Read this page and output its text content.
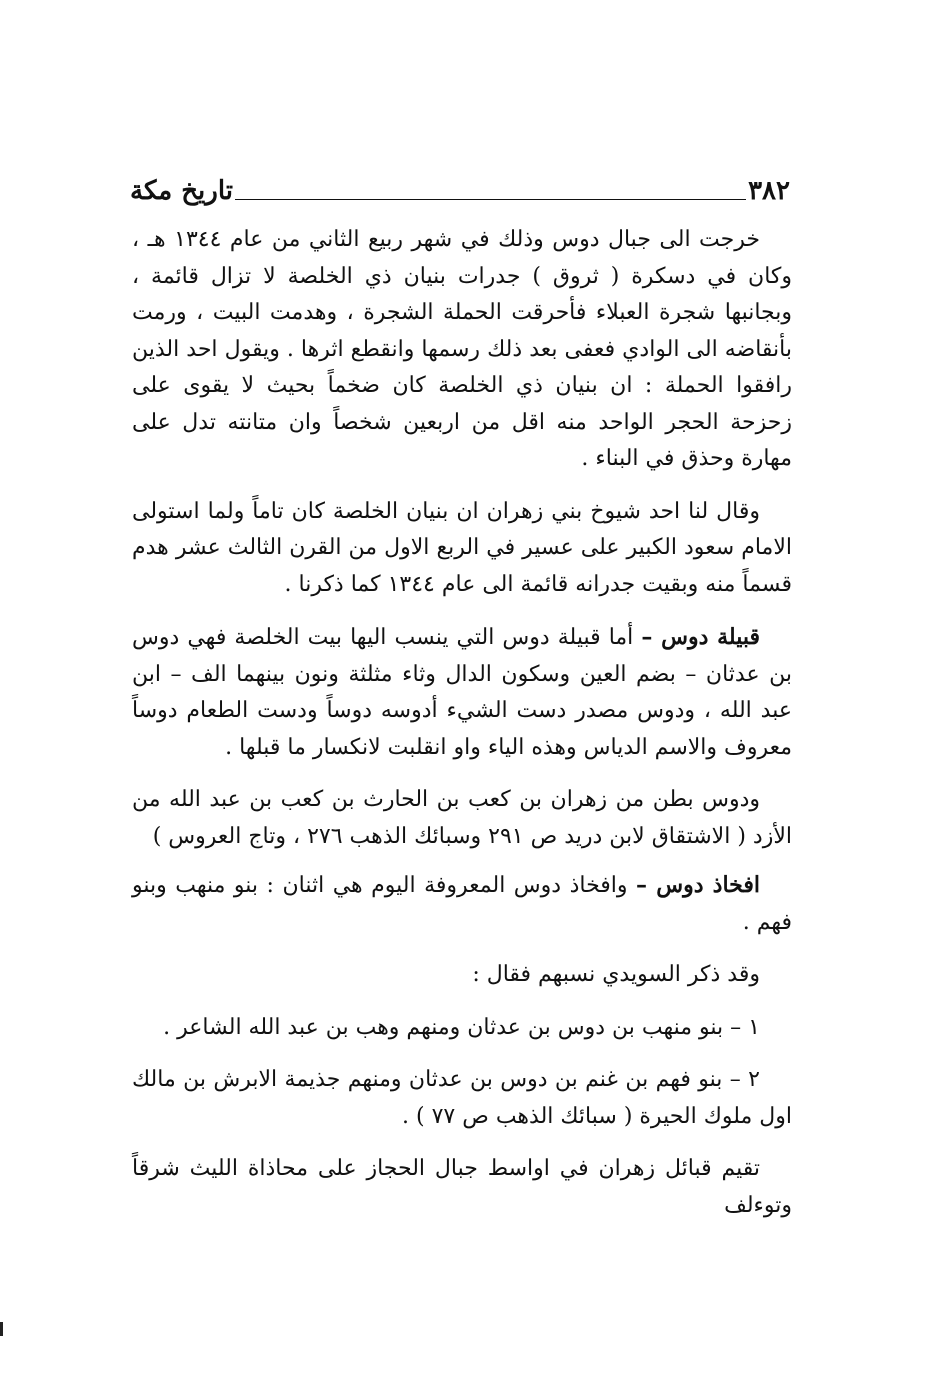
٣٨٢
تاريخ مكة

خرجت الى جبال دوس وذلك في شهر ربيع الثاني من عام ١٣٤٤ هـ ، وكان في دسكرة ( ثروق ) جدرات بنيان ذي الخلصة لا تزال قائمة ، وبجانبها شجرة العبلاء فأحرقت الحملة الشجرة ، وهدمت البيت ، ورمت بأنقاضه الى الوادي فعفى بعد ذلك رسمها وانقطع اثرها . ويقول احد الذين رافقوا الحملة : ان بنيان ذي الخلصة كان ضخماً بحيث لا يقوى على زحزحة الحجر الواحد منه اقل من اربعين شخصاً وان متانته تدل على مهارة وحذق في البناء .

وقال لنا احد شيوخ بني زهران ان بنيان الخلصة كان تاماً ولما استولى الامام سعود الكبير على عسير في الربع الاول من القرن الثالث عشر هدم قسماً منه وبقيت جدرانه قائمة الى عام ١٣٤٤ كما ذكرنا .

قبيلة دوس – أما قبيلة دوس التي ينسب اليها بيت الخلصة فهي دوس بن عدثان – بضم العين وسكون الدال وثاء مثلثة ونون بينهما الف – ابن عبد الله ، ودوس مصدر دست الشيء أدوسه دوساً ودست الطعام دوساً معروف والاسم الدياس وهذه الياء واو انقلبت لانكسار ما قبلها .

ودوس بطن من زهران بن كعب بن الحارث بن كعب بن عبد الله من الأزد ( الاشتقاق لابن دريد ص ٢٩١ وسبائك الذهب ٢٧٦ ، وتاج العروس )

افخاذ دوس – وافخاذ دوس المعروفة اليوم هي اثنان : بنو منهب وبنو فهم .

وقد ذكر السويدي نسبهم فقال :

١ – بنو منهب بن دوس بن عدثان ومنهم وهب بن عبد الله الشاعر .

٢ – بنو فهم بن غنم بن دوس بن عدثان ومنهم جذيمة الابرش بن مالك اول ملوك الحيرة ( سبائك الذهب ص ٧٧ ) .

تقيم قبائل زهران في اواسط جبال الحجاز على محاذاة الليث شرقاً وتوءلف
